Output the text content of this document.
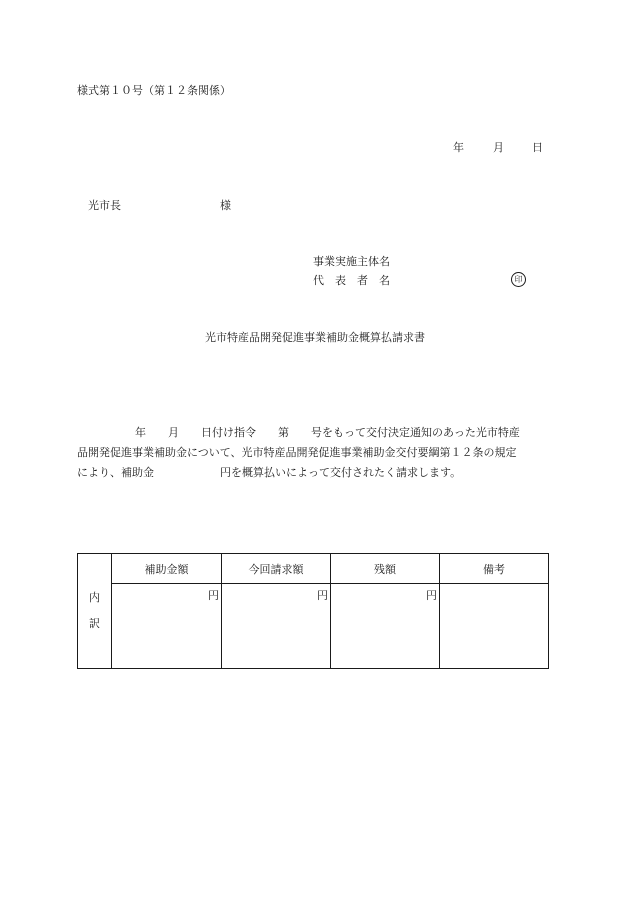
様式第１０号（第１２条関係）
年	月	日
光市長	様
事業実施主体名
代　表　者　名	印
光市特産品開発促進事業補助金概算払請求書

年　　月　　日付け指令　　第　　号をもって交付決定通知のあった光市特産

品開発促進事業補助金について、光市特産品開発促進事業補助金交付要綱第１２条の規定

により、補助金　　　　　　円を概算払いによって交付されたく請求します。

内
訳	補助金額	今回請求額	残額	備考
	円	円	円	
